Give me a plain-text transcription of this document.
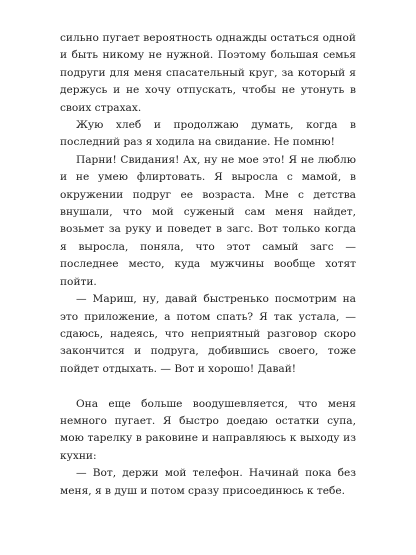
сильно пугает вероятность однажды остаться одной и быть никому не нужной. Поэтому большая семья подруги для меня спасательный круг, за который я держусь и не хочу отпускать, чтобы не утонуть в своих страхах.

Жую хлеб и продолжаю думать, когда в последний раз я ходила на свидание. Не помню!

Парни! Свидания! Ах, ну не мое это! Я не люблю и не умею флиртовать. Я выросла с мамой, в окружении подруг ее возраста. Мне с детства внушали, что мой суженый сам меня найдет, возьмет за руку и поведет в загс. Вот только когда я выросла, поняла, что этот самый загс — последнее место, куда мужчины вообще хотят пойти.

— Мариш, ну, давай быстренько посмотрим на это приложение, а потом спать? Я так устала, — сдаюсь, надеясь, что неприятный разговор скоро закончится и подруга, добившись своего, тоже пойдет отдыхать. — Вот и хорошо! Давай!

Она еще больше воодушевляется, что меня немного пугает. Я быстро доедаю остатки супа, мою тарелку в раковине и направляюсь к выходу из кухни:

— Вот, держи мой телефон. Начинай пока без меня, я в душ и потом сразу присоединюсь к тебе.
